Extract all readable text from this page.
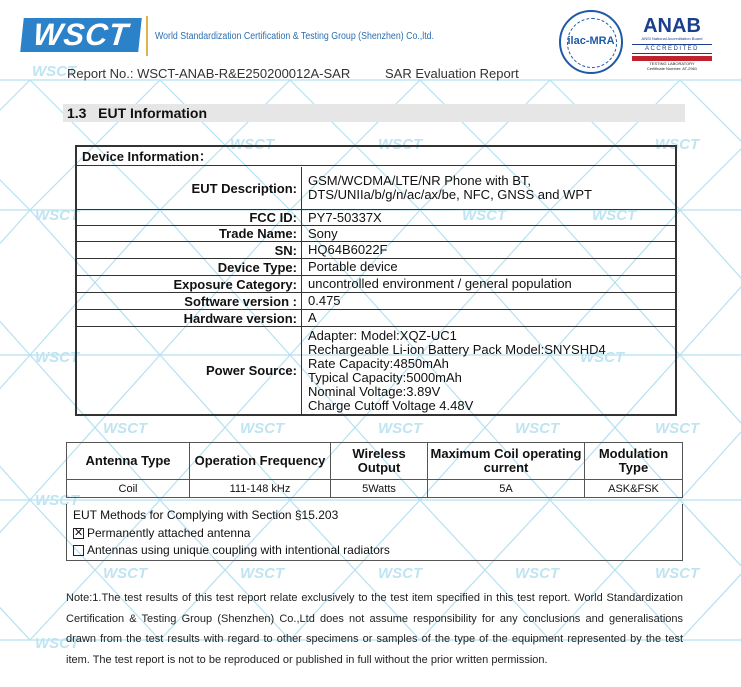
WSCT
WSCT	WSCT	WSCT
WSCT	WSCT	WSCT
WSCT	WSCT
WSCT	WSCT	WSCT	WSCT	WSCT
WSCT
WSCT	WSCT	WSCT	WSCT	WSCT
WSCT
WSCT	World Standardization Certification & Testing Group (Shenzhen) Co.,ltd.	ilac-MRA
ANAB
ANSI National Accreditation Board
ACCREDITED
TESTING LABORATORY
Certificate Number: AT-2961
Report No.: WSCT-ANAB-R&E250200012A-SAR	SAR Evaluation Report
1.3 EUT Information
Device Information：
EUT Description: GSM/WCDMA/LTE/NR Phone with BT,
DTS/UNIIa/b/g/n/ac/ax/be, NFC, GNSS and WPT
FCC ID: PY7-50337X
Trade Name: Sony
SN: HQ64B6022F
Device Type: Portable device
Exposure Category: uncontrolled environment / general population
Software version : 0.475
Hardware version: A
Power Source:
Adapter: Model:XQZ-UC1
Rechargeable Li-ion Battery Pack Model:SNYSHD4
Rate Capacity:4850mAh
Typical Capacity:5000mAh
Nominal Voltage:3.89V
Charge Cutoff Voltage 4.48V
Antenna Type	Operation Frequency	Wireless Output	Maximum Coil operating current	Modulation Type
Coil	111-148 kHz	5Watts	5A	ASK&FSK
EUT Methods for Complying with Section §15.203
✕ Permanently attached antenna
Antennas using unique coupling with intentional radiators
Note:1.The test results of this test report relate exclusively to the test item specified in this test report. World Standardization Certification & Testing Group (Shenzhen) Co.,Ltd does not assume responsibility for any conclusions and generalisations drawn from the test results with regard to other specimens or samples of the type of the equipment represented by the test item. The test report is not to be reproduced or published in full without the prior written permission.
